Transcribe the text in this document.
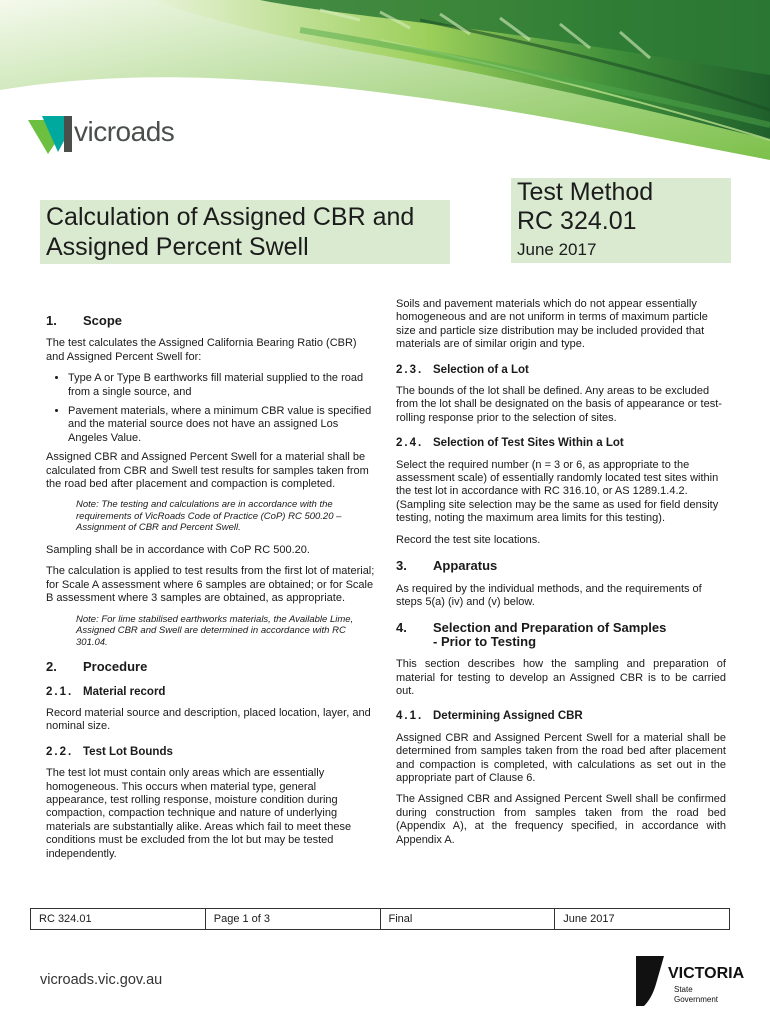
vicroads
Calculation of Assigned CBR and
Assigned Percent Swell
Test Method
RC 324.01
June 2017
1.	Scope

The test calculates the Assigned California Bearing Ratio (CBR) and Assigned Percent Swell for:

• Type A or Type B earthworks fill material supplied to the road from a single source, and
• Pavement materials, where a minimum CBR value is specified and the material source does not have an assigned Los Angeles Value.

Assigned CBR and Assigned Percent Swell for a material shall be calculated from CBR and Swell test results for samples taken from the road bed after placement and compaction is completed.

Note: The testing and calculations are in accordance with the requirements of VicRoads Code of Practice (CoP) RC 500.20 – Assignment of CBR and Percent Swell.

Sampling shall be in accordance with CoP RC 500.20.

The calculation is applied to test results from the first lot of material; for Scale A assessment where 6 samples are obtained; or for Scale B assessment where 3 samples are obtained, as appropriate.

Note: For lime stabilised earthworks materials, the Available Lime, Assigned CBR and Swell are determined in accordance with RC 301.04.
2.	Procedure
2.1. Material record

Record material source and description, placed location, layer, and nominal size.

2.2. Test Lot Bounds

The test lot must contain only areas which are essentially homogeneous. This occurs when material type, general appearance, test rolling response, moisture condition during compaction, compaction technique and nature of underlying materials are substantially alike. Areas which fail to meet these conditions must be excluded from the lot but may be tested independently.

Soils and pavement materials which do not appear essentially homogeneous and are not uniform in terms of maximum particle size and particle size distribution may be included provided that materials are of similar origin and type.

2.3. Selection of a Lot

The bounds of the lot shall be defined. Any areas to be excluded from the lot shall be designated on the basis of appearance or test-rolling response prior to the selection of sites.

2.4. Selection of Test Sites Within a Lot

Select the required number (n = 3 or 6, as appropriate to the assessment scale) of essentially randomly located test sites within the test lot in accordance with RC 316.10, or AS 1289.1.4.2. (Sampling site selection may be the same as used for field density testing, noting the maximum area limits for this testing).

Record the test site locations.

3.	Apparatus

As required by the individual methods, and the requirements of steps 5(a) (iv) and (v) below.

4.	Selection and Preparation of Samples
- Prior to Testing

This section describes how the sampling and preparation of material for testing to develop an Assigned CBR is to be carried out.

4.1. Determining Assigned CBR

Assigned CBR and Assigned Percent Swell for a material shall be determined from samples taken from the road bed after placement and compaction is completed, with calculations as set out in the appropriate part of Clause 6.

The Assigned CBR and Assigned Percent Swell shall be confirmed during construction from samples taken from the road bed (Appendix A), at the frequency specified, in accordance with Appendix A.

RC 324.01	Page 1 of 3	Final	June 2017
vicroads.vic.gov.au	VICTORIA
State
Government
